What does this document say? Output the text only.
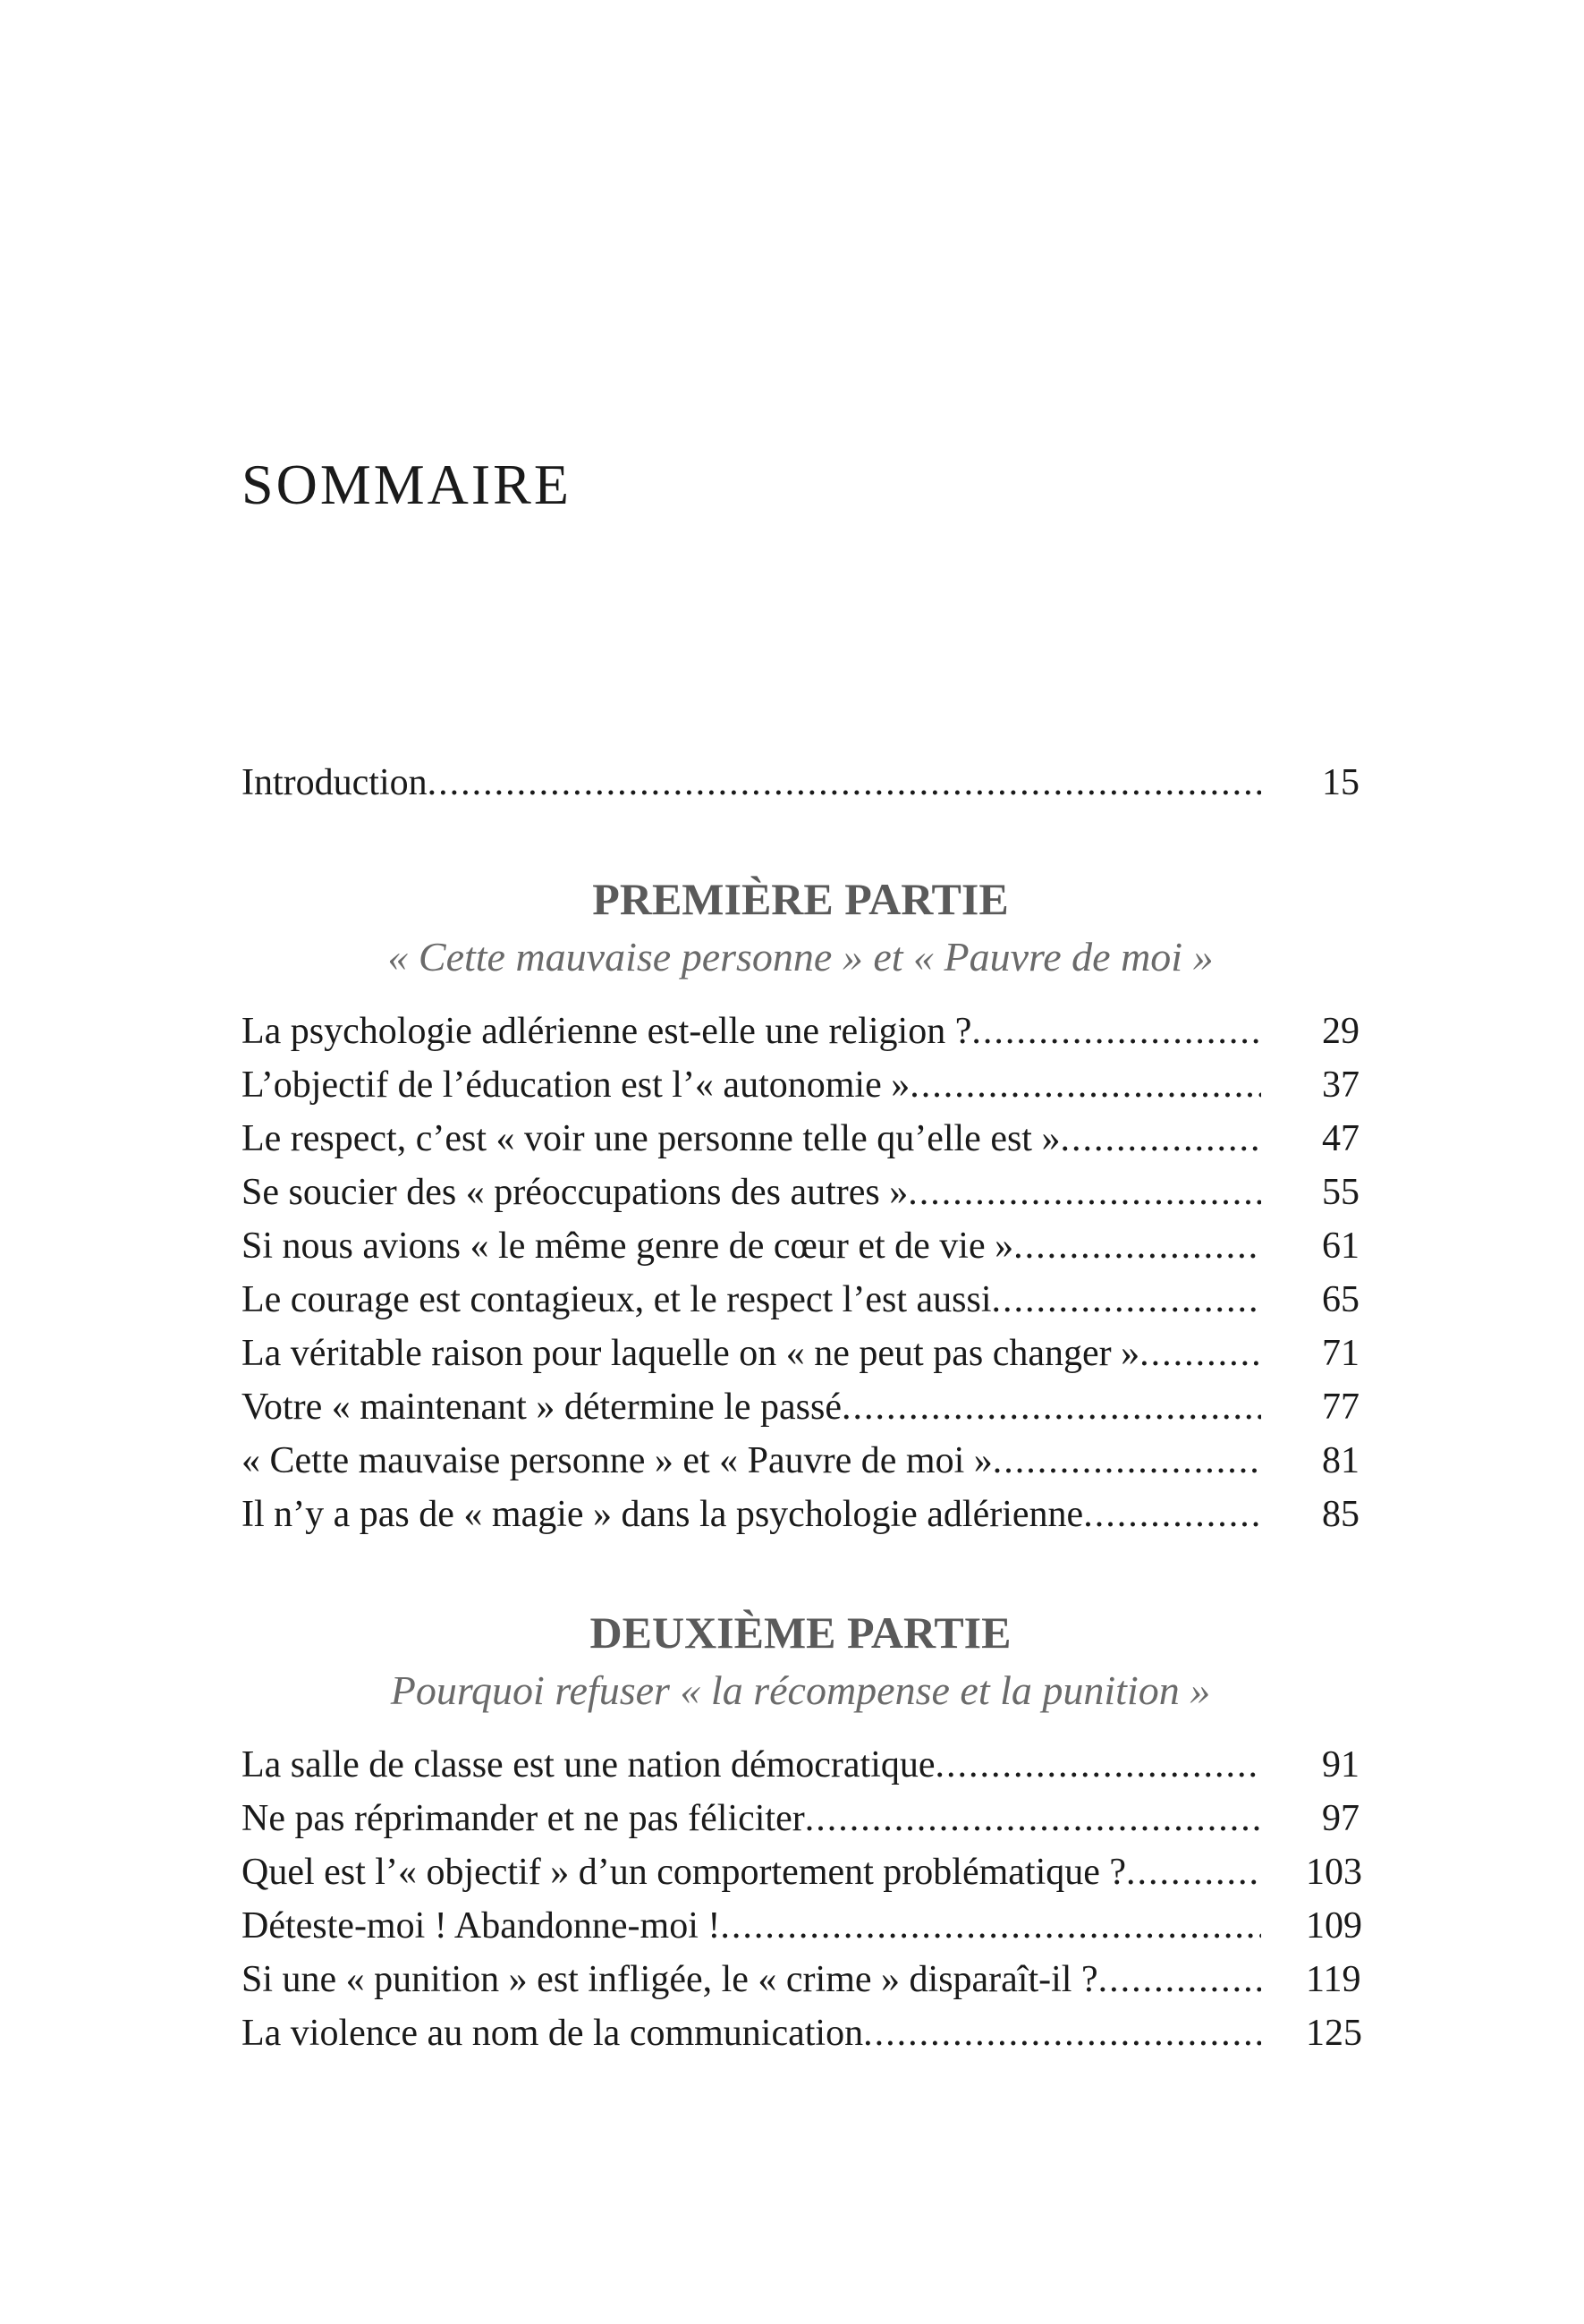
SOMMAIRE
Introduction .....	15
PREMIÈRE PARTIE

« Cette mauvaise personne » et « Pauvre de moi »

La psychologie adlérienne est-elle une religion ? .....	29
L’objectif de l’éducation est l’« autonomie » .....	37
Le respect, c’est « voir une personne telle qu’elle est » .....	47
Se soucier des « préoccupations des autres » .....	55
Si nous avions « le même genre de cœur et de vie » .....	61
Le courage est contagieux, et le respect l’est aussi .....	65
La véritable raison pour laquelle on « ne peut pas changer » .....	71
Votre « maintenant » détermine le passé .....	77
« Cette mauvaise personne » et « Pauvre de moi » .....	81
Il n’y a pas de « magie » dans la psychologie adlérienne .....	85
DEUXIÈME PARTIE

Pourquoi refuser « la récompense et la punition »

La salle de classe est une nation démocratique .....	91
Ne pas réprimander et ne pas féliciter .....	97
Quel est l’« objectif » d’un comportement problématique ? .....	103
Déteste-moi ! Abandonne-moi ! .....	109
Si une « punition » est infligée, le « crime » disparaît-il ? .....	119
La violence au nom de la communication .....	125
